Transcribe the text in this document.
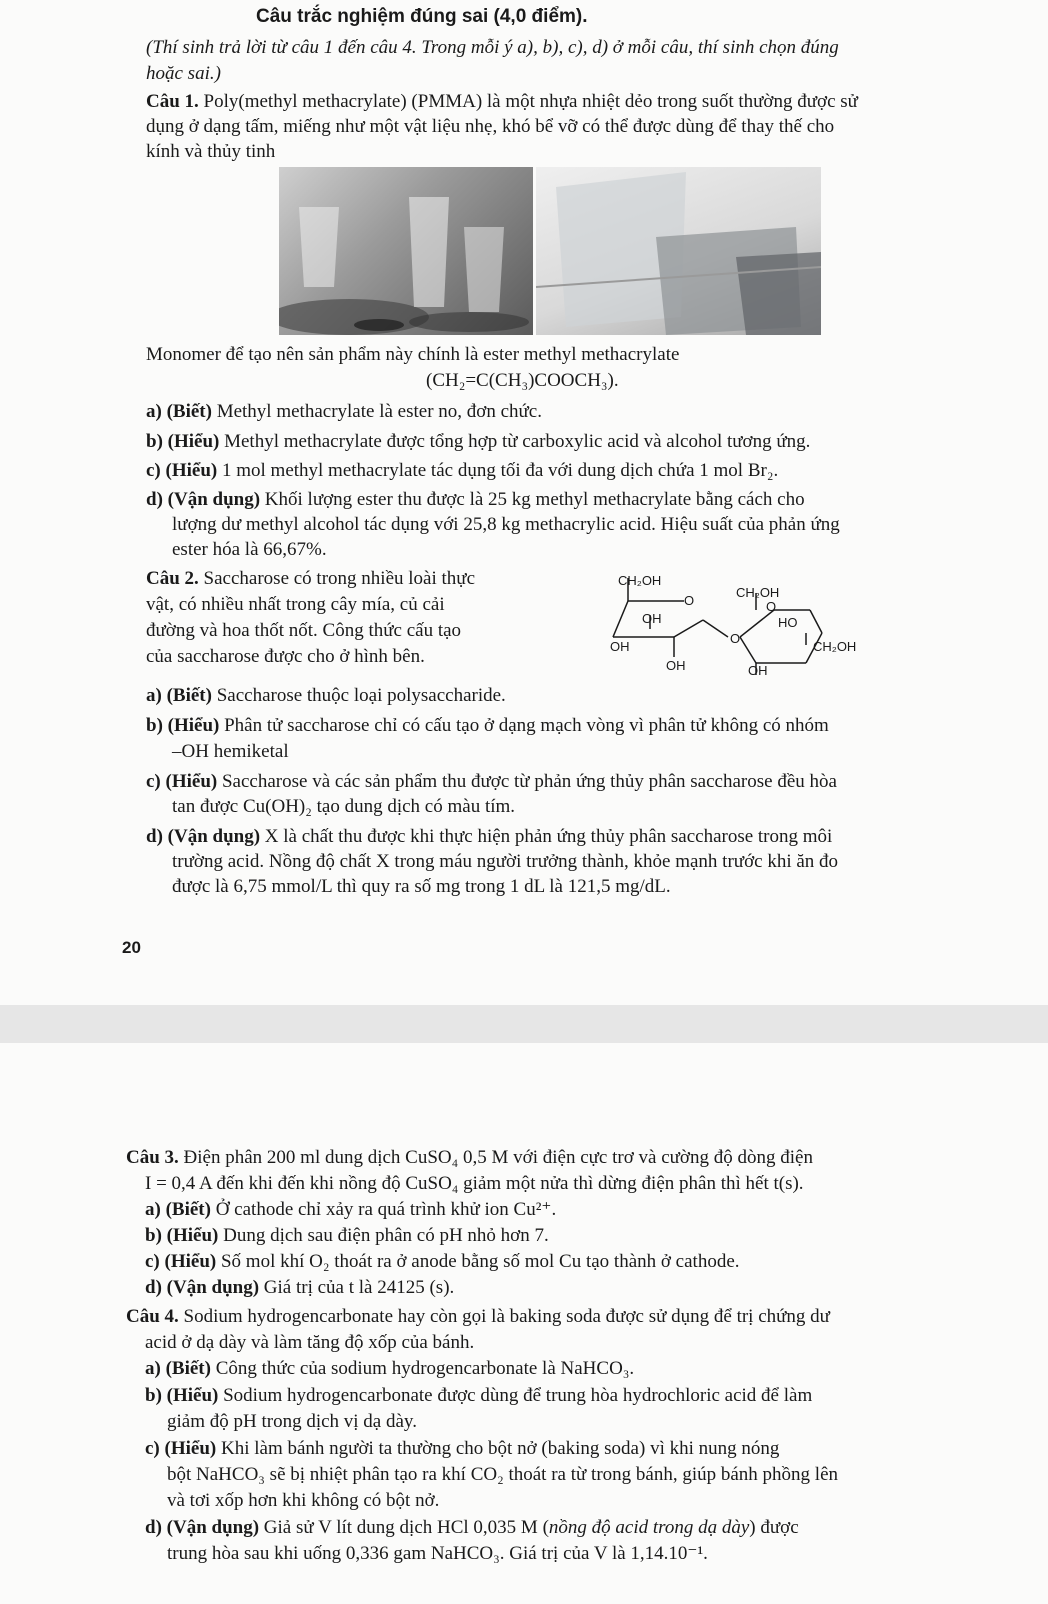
Câu trắc nghiệm đúng sai (4,0 điểm).
(Thí sinh trả lời từ câu 1 đến câu 4. Trong mỗi ý a), b), c), d) ở mỗi câu, thí sinh chọn đúng
hoặc sai.)
Câu 1. Poly(methyl methacrylate) (PMMA) là một nhựa nhiệt dẻo trong suốt thường được sử
dụng ở dạng tấm, miếng như một vật liệu nhẹ, khó bể vỡ có thể được dùng để thay thế cho
kính và thủy tinh
Monomer để tạo nên sản phẩm này chính là ester methyl methacrylate
(CH₂=C(CH₃)COOCH₃).
a) (Biết) Methyl methacrylate là ester no, đơn chức.
b) (Hiểu) Methyl methacrylate được tổng hợp từ carboxylic acid và alcohol tương ứng.
c) (Hiểu) 1 mol methyl methacrylate tác dụng tối đa với dung dịch chứa 1 mol Br₂.
d) (Vận dụng) Khối lượng ester thu được là 25 kg methyl methacrylate bằng cách cho
lượng dư methyl alcohol tác dụng với 25,8 kg methacrylic acid. Hiệu suất của phản ứng
ester hóa là 66,67%.
Câu 2. Saccharose có trong nhiều loài thực
vật, có nhiều nhất trong cây mía, củ cải
đường và hoa thốt nốt. Công thức cấu tạo
của saccharose được cho ở hình bên.
CH₂OH
O
CH₂OH
O
OH	HO
OH
O
CH₂OH
OH	OH
a) (Biết) Saccharose thuộc loại polysaccharide.
b) (Hiểu) Phân tử saccharose chỉ có cấu tạo ở dạng mạch vòng vì phân tử không có nhóm
–OH hemiketal
c) (Hiểu) Saccharose và các sản phẩm thu được từ phản ứng thủy phân saccharose đều hòa
tan được Cu(OH)₂ tạo dung dịch có màu tím.
d) (Vận dụng) X là chất thu được khi thực hiện phản ứng thủy phân saccharose trong môi
trường acid. Nồng độ chất X trong máu người trưởng thành, khỏe mạnh trước khi ăn đo
được là 6,75 mmol/L thì quy ra số mg trong 1 dL là 121,5 mg/dL.
20
Câu 3. Điện phân 200 ml dung dịch CuSO₄ 0,5 M với điện cực trơ và cường độ dòng điện
I = 0,4 A đến khi đến khi nồng độ CuSO₄ giảm một nửa thì dừng điện phân thì hết t(s).
a) (Biết) Ở cathode chỉ xảy ra quá trình khử ion Cu²⁺.
b) (Hiểu) Dung dịch sau điện phân có pH nhỏ hơn 7.
c) (Hiểu) Số mol khí O₂ thoát ra ở anode bằng số mol Cu tạo thành ở cathode.
d) (Vận dụng) Giá trị của t là 24125 (s).
Câu 4. Sodium hydrogencarbonate hay còn gọi là baking soda được sử dụng để trị chứng dư
acid ở dạ dày và làm tăng độ xốp của bánh.
a) (Biết) Công thức của sodium hydrogencarbonate là NaHCO₃.
b) (Hiểu) Sodium hydrogencarbonate được dùng để trung hòa hydrochloric acid để làm
giảm độ pH trong dịch vị dạ dày.
c) (Hiểu) Khi làm bánh người ta thường cho bột nở (baking soda) vì khi nung nóng
bột NaHCO₃ sẽ bị nhiệt phân tạo ra khí CO₂ thoát ra từ trong bánh, giúp bánh phồng lên
và tơi xốp hơn khi không có bột nở.
d) (Vận dụng) Giả sử V lít dung dịch HCl 0,035 M (nồng độ acid trong dạ dày) được
trung hòa sau khi uống 0,336 gam NaHCO₃. Giá trị của V là 1,14.10⁻¹.
